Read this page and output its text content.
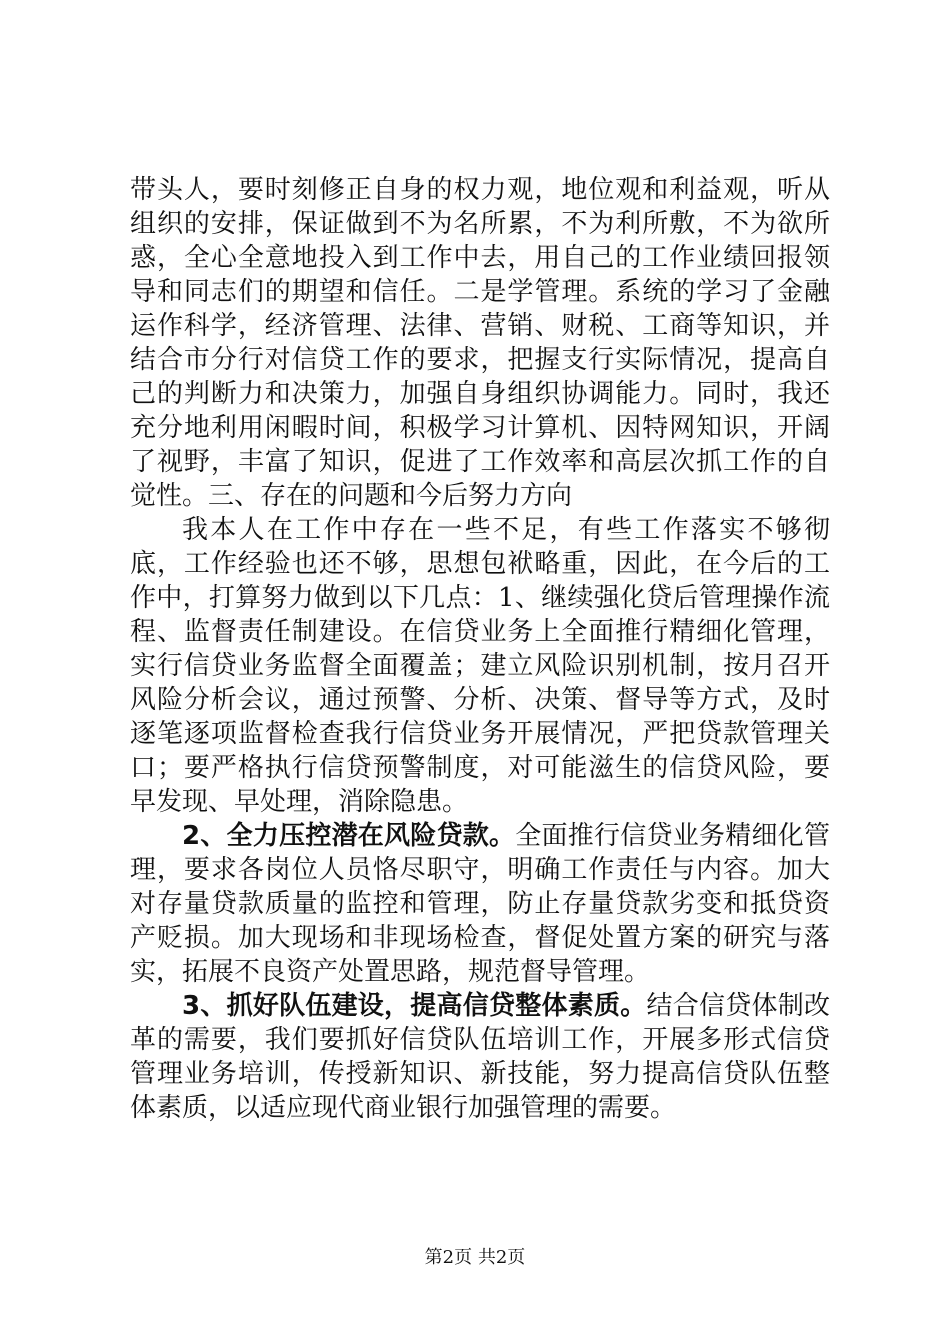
带头人，要时刻修正自身的权力观，地位观和利益观，听从组织的安排，保证做到不为名所累，不为利所敷，不为欲所惑，全心全意地投入到工作中去，用自己的工作业绩回报领导和同志们的期望和信任。二是学管理。系统的学习了金融运作科学，经济管理、法律、营销、财税、工商等知识，并结合市分行对信贷工作的要求，把握支行实际情况，提高自己的判断力和决策力，加强自身组织协调能力。同时，我还充分地利用闲暇时间，积极学习计算机、因特网知识，开阔了视野，丰富了知识，促进了工作效率和高层次抓工作的自觉性。三、存在的问题和今后努力方向

我本人在工作中存在一些不足，有些工作落实不够彻底，工作经验也还不够，思想包袱略重，因此，在今后的工作中，打算努力做到以下几点：1、继续强化贷后管理操作流程、监督责任制建设。在信贷业务上全面推行精细化管理，实行信贷业务监督全面覆盖；建立风险识别机制，按月召开风险分析会议，通过预警、分析、决策、督导等方式，及时逐笔逐项监督检查我行信贷业务开展情况，严把贷款管理关口；要严格执行信贷预警制度，对可能滋生的信贷风险，要早发现、早处理，消除隐患。

2、全力压控潜在风险贷款。全面推行信贷业务精细化管理，要求各岗位人员恪尽职守，明确工作责任与内容。加大对存量贷款质量的监控和管理，防止存量贷款劣变和抵贷资产贬损。加大现场和非现场检查，督促处置方案的研究与落实，拓展不良资产处置思路，规范督导管理。

3、抓好队伍建设，提高信贷整体素质。结合信贷体制改革的需要，我们要抓好信贷队伍培训工作，开展多形式信贷管理业务培训，传授新知识、新技能，努力提高信贷队伍整体素质，以适应现代商业银行加强管理的需要。

第2页 共2页
